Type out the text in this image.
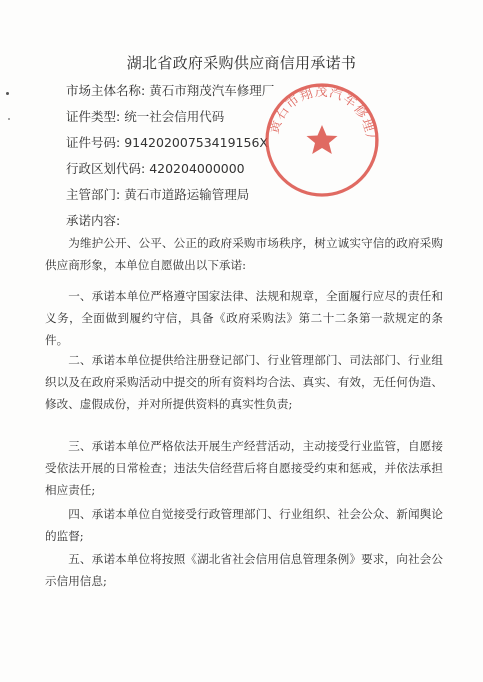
湖北省政府采购供应商信用承诺书
市场主体名称: 黄石市翔茂汽车修理厂
证件类型: 统一社会信用代码
证件号码: 91420200753419156X
行政区划代码: 420204000000
主管部门: 黄石市道路运输管理局
承诺内容:

为维护公开、公平、公正的政府采购市场秩序，树立诚实守信的政府采购供应商形象，本单位自愿做出以下承诺:

一、承诺本单位严格遵守国家法律、法规和规章，全面履行应尽的责任和义务，全面做到履约守信，具备《政府采购法》第二十二条第一款规定的条件。

二、承诺本单位提供给注册登记部门、行业管理部门、司法部门、行业组织以及在政府采购活动中提交的所有资料均合法、真实、有效，无任何伪造、修改、虚假成份，并对所提供资料的真实性负责;

三、承诺本单位严格依法开展生产经营活动，主动接受行业监管，自愿接受依法开展的日常检查；违法失信经营后将自愿接受约束和惩戒，并依法承担相应责任;

四、承诺本单位自觉接受行政管理部门、行业组织、社会公众、新闻舆论的监督;

五、承诺本单位将按照《湖北省社会信用信息管理条例》要求，向社会公示信用信息;

黄石市翔茂汽车修理厂
